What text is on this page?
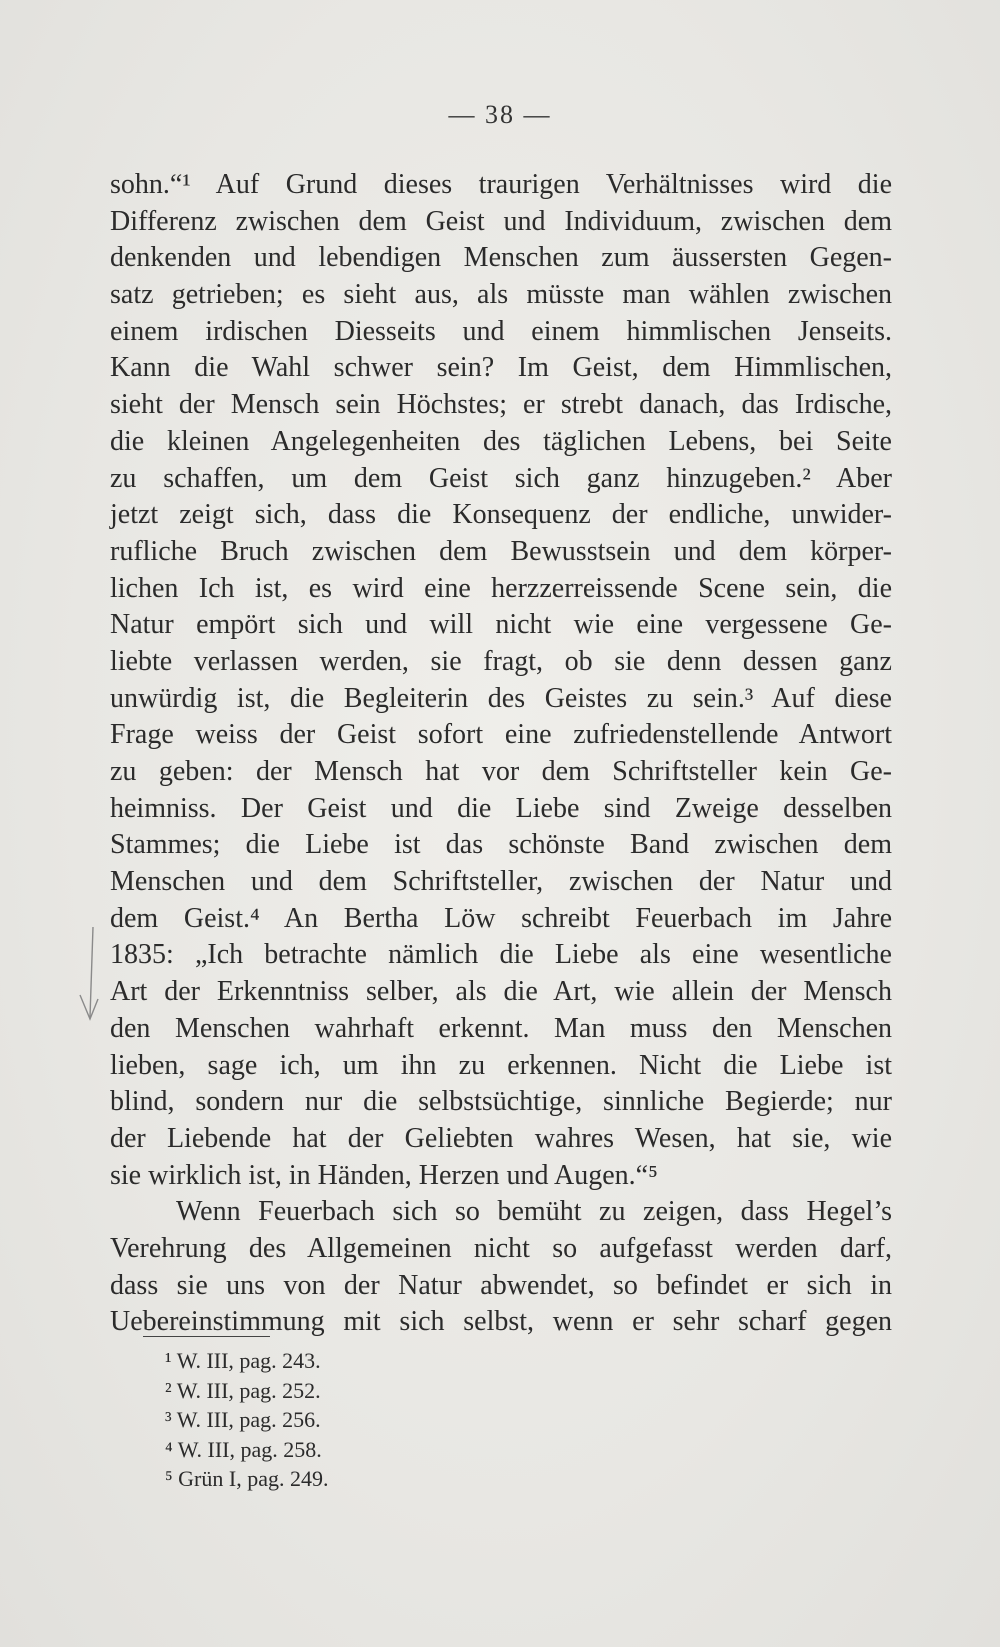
— 38 —
sohn.“¹ Auf Grund dieses traurigen Verhältnisses wird die
Differenz zwischen dem Geist und Individuum, zwischen dem
denkenden und lebendigen Menschen zum äussersten Gegen-
satz getrieben; es sieht aus, als müsste man wählen zwischen
einem irdischen Diesseits und einem himmlischen Jenseits.
Kann die Wahl schwer sein? Im Geist, dem Himmlischen,
sieht der Mensch sein Höchstes; er strebt danach, das Irdische,
die kleinen Angelegenheiten des täglichen Lebens, bei Seite
zu schaffen, um dem Geist sich ganz hinzugeben.² Aber
jetzt zeigt sich, dass die Konsequenz der endliche, unwider-
rufliche Bruch zwischen dem Bewusstsein und dem körper-
lichen Ich ist, es wird eine herzzerreissende Scene sein, die
Natur empört sich und will nicht wie eine vergessene Ge-
liebte verlassen werden, sie fragt, ob sie denn dessen ganz
unwürdig ist, die Begleiterin des Geistes zu sein.³ Auf diese
Frage weiss der Geist sofort eine zufriedenstellende Antwort
zu geben: der Mensch hat vor dem Schriftsteller kein Ge-
heimniss. Der Geist und die Liebe sind Zweige desselben
Stammes; die Liebe ist das schönste Band zwischen dem
Menschen und dem Schriftsteller, zwischen der Natur und
dem Geist.⁴ An Bertha Löw schreibt Feuerbach im Jahre
1835: „Ich betrachte nämlich die Liebe als eine wesentliche
Art der Erkenntniss selber, als die Art, wie allein der Mensch
den Menschen wahrhaft erkennt. Man muss den Menschen
lieben, sage ich, um ihn zu erkennen. Nicht die Liebe ist
blind, sondern nur die selbstsüchtige, sinnliche Begierde; nur
der Liebende hat der Geliebten wahres Wesen, hat sie, wie
sie wirklich ist, in Händen, Herzen und Augen.“⁵
Wenn Feuerbach sich so bemüht zu zeigen, dass Hegel’s
Verehrung des Allgemeinen nicht so aufgefasst werden darf,
dass sie uns von der Natur abwendet, so befindet er sich in
Uebereinstimmung mit sich selbst, wenn er sehr scharf gegen
¹ W. III, pag. 243.
² W. III, pag. 252.
³ W. III, pag. 256.
⁴ W. III, pag. 258.
⁵ Grün I, pag. 249.
